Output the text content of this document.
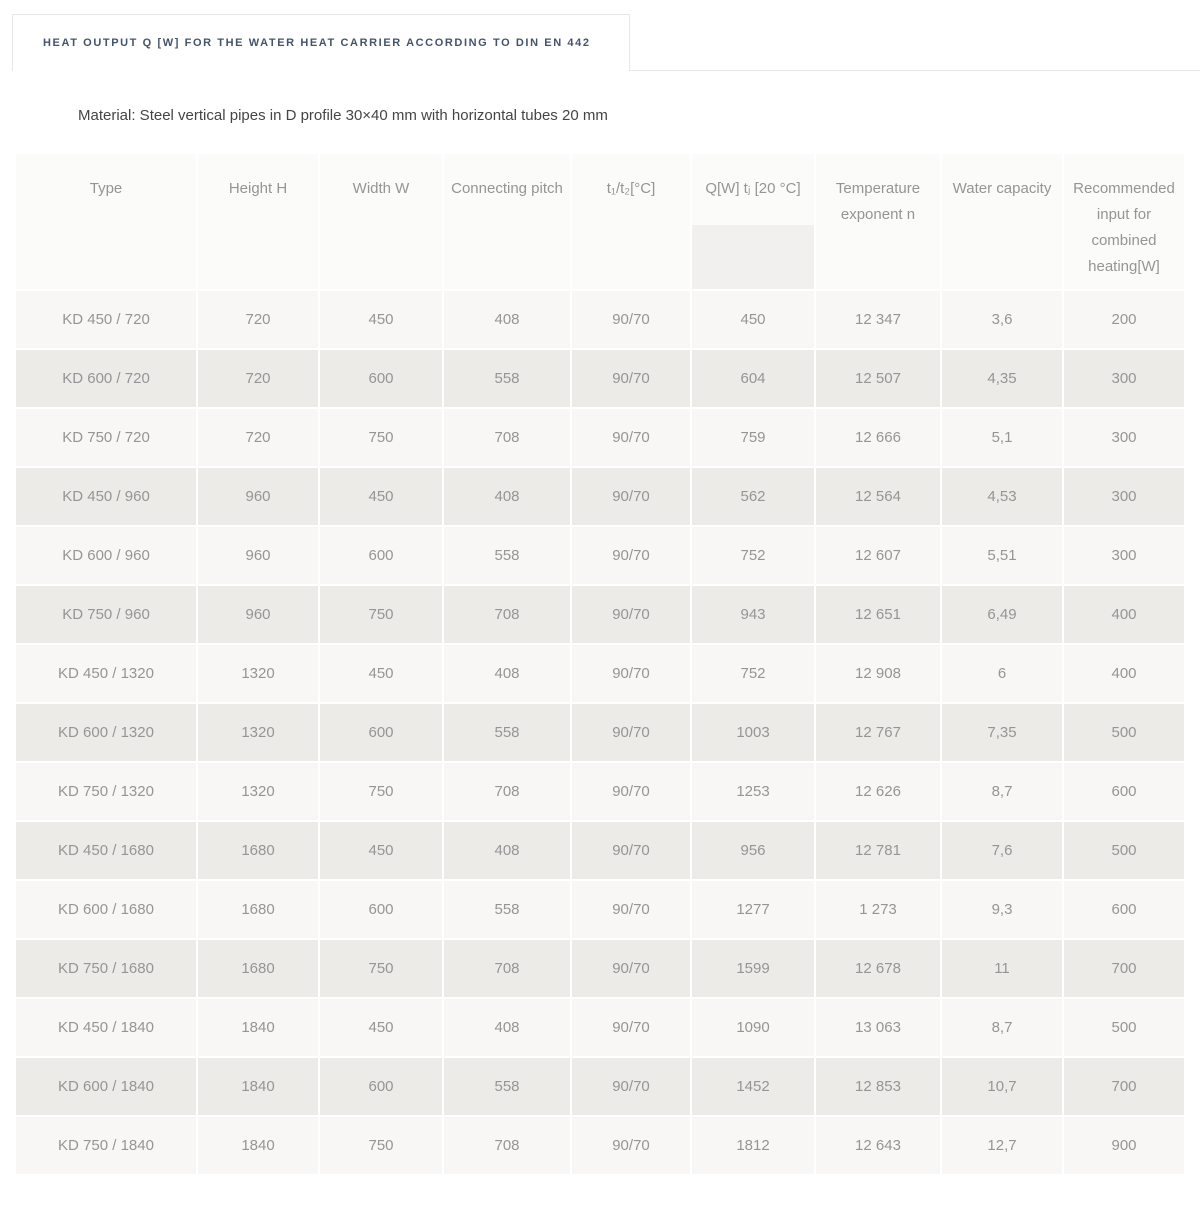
HEAT OUTPUT Q [W] FOR THE WATER HEAT CARRIER ACCORDING TO DIN EN 442
Material: Steel vertical pipes in D profile 30×40 mm with horizontal tubes 20 mm
Type	Height H	Width W	Connecting pitch	t₁/t₂[°C]	Q[W] tⱼ [20 °C]	Temperature exponent n	Water capacity	Recommended input for combined heating[W]
KD 450 / 720	720	450	408	90/70	450	12 347	3,6	200
KD 600 / 720	720	600	558	90/70	604	12 507	4,35	300
KD 750 / 720	720	750	708	90/70	759	12 666	5,1	300
KD 450 / 960	960	450	408	90/70	562	12 564	4,53	300
KD 600 / 960	960	600	558	90/70	752	12 607	5,51	300
KD 750 / 960	960	750	708	90/70	943	12 651	6,49	400
KD 450 / 1320	1320	450	408	90/70	752	12 908	6	400
KD 600 / 1320	1320	600	558	90/70	1003	12 767	7,35	500
KD 750 / 1320	1320	750	708	90/70	1253	12 626	8,7	600
KD 450 / 1680	1680	450	408	90/70	956	12 781	7,6	500
KD 600 / 1680	1680	600	558	90/70	1277	1 273	9,3	600
KD 750 / 1680	1680	750	708	90/70	1599	12 678	11	700
KD 450 / 1840	1840	450	408	90/70	1090	13 063	8,7	500
KD 600 / 1840	1840	600	558	90/70	1452	12 853	10,7	700
KD 750 / 1840	1840	750	708	90/70	1812	12 643	12,7	900
